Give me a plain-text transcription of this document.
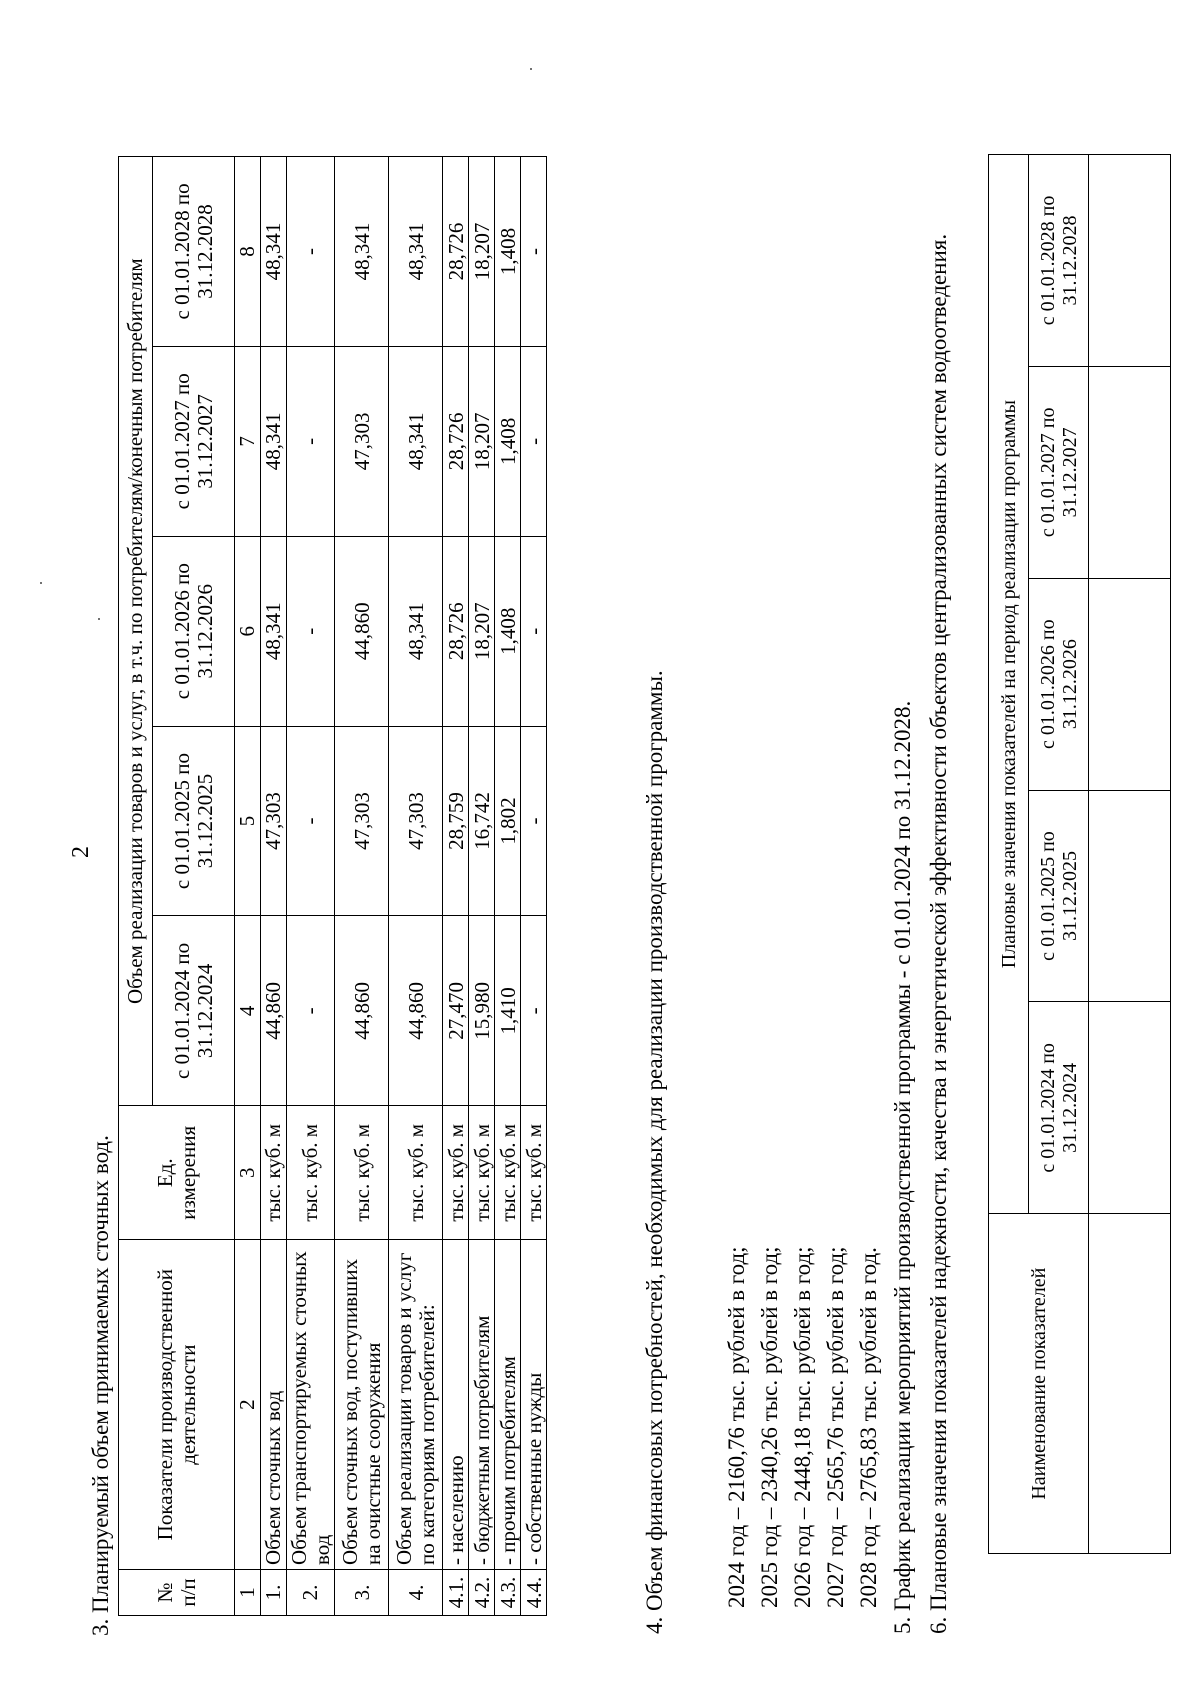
2
3. Планируемый объем принимаемых сточных вод. № п/п	Показатели производственной деятельности	Ед. измерения	Объем реализации товаров и услуг, в т.ч. по потребителям/конечным потребителям				
			с 01.01.2024 по 31.12.2024	с 01.01.2025 по 31.12.2025	с 01.01.2026 по 31.12.2026	с 01.01.2027 по 31.12.2027	с 01.01.2028 по 31.12.2028
1	2	3	4	5	6	7	8
1.	Объем сточных вод	тыс. куб. м	44,860	47,303	48,341	48,341	48,341
2.	Объем транспортируемых сточных вод	тыс. куб. м	-	-	-	-	-
3.	Объем сточных вод, поступивших на очистные сооружения	тыс. куб. м	44,860	47,303	44,860	47,303	48,341
4.	Объем реализации товаров и услуг по категориям потребителей:	тыс. куб. м	44,860	47,303	48,341	48,341	48,341
4.1.	- населению	тыс. куб. м	27,470	28,759	28,726	28,726	28,726
4.2.	- бюджетным потребителям	тыс. куб. м	15,980	16,742	18,207	18,207	18,207
4.3.	- прочим потребителям	тыс. куб. м	1,410	1,802	1,408	1,408	1,408
4.4.	- собственные нужды	тыс. куб. м	-	-	-	-	-
4. Объем финансовых потребностей, необходимых для реализации производственной программы. 2024 год – 2160,76 тыс. рублей в год; 2025 год – 2340,26 тыс. рублей в год; 2026 год – 2448,18 тыс. рублей в год; 2027 год – 2565,76 тыс. рублей в год; 2028 год – 2765,83 тыс. рублей в год. 5. График реализации мероприятий производственной программы - с 01.01.2024 по 31.12.2028. 6. Плановые значения показателей надежности, качества и энергетической эффективности объектов централизованных систем водоотведения.	Наименование показателей	Плановые значения показателей на период реализации программы				
	с 01.01.2024 по 31.12.2024	с 01.01.2025 по 31.12.2025	с 01.01.2026 по 31.12.2026	с 01.01.2027 по 31.12.2027	с 01.01.2028 по 31.12.2028
